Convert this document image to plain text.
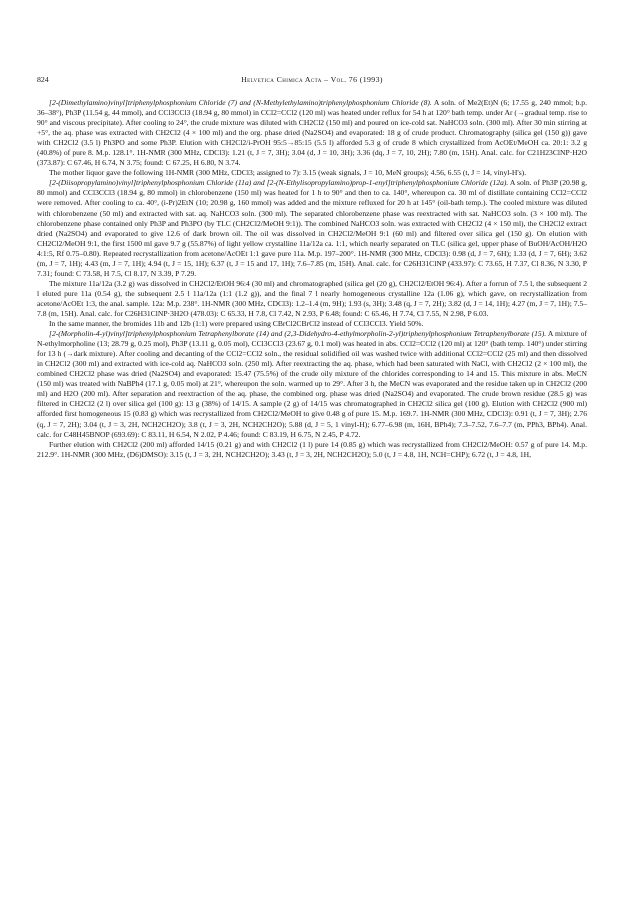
824	Helvetica Chimica Acta – Vol. 76 (1993)

[2-(Dimethylamino)vinyl]triphenylphosphonium Chloride (7) and (N-Methylethylamino)triphenylphosphonium Chloride (8). A soln. of Me2(Et)N (6; 17.55 g, 240 mmol; b.p. 36–38°), Ph3P (11.54 g, 44 mmol), and CCl3CCl3 (18.94 g, 80 mmol) in CCl2=CCl2 (120 ml) was heated under reflux for 54 h at 120° bath temp. under Ar (→gradual temp. rise to 90° and viscous precipitate). After cooling to 24°, the crude mixture was diluted with CH2Cl2 (150 ml) and poured on ice-cold sat. NaHCO3 soln. (300 ml). After 30 min stirring at +5°, the aq. phase was extracted with CH2Cl2 (4 × 100 ml) and the org. phase dried (Na2SO4) and evaporated: 18 g of crude product. Chromatography (silica gel (150 g)) gave with CH2Cl2 (3.5 l) Ph3PO and some Ph3P. Elution with CH2Cl2/i-PrOH 95:5→85:15 (5.5 l) afforded 5.3 g of crude 8 which crystallized from AcOEt/MeOH ca. 20:1: 3.2 g (40.8%) of pure 8. M.p. 128.1°. 1H-NMR (300 MHz, CDCl3): 1.21 (t, J = 7, 3H); 3.04 (d, J = 10, 3H); 3.36 (dq, J = 7, 10, 2H); 7.80 (m, 15H). Anal. calc. for C21H23ClNP·H2O (373.87): C 67.46, H 6.74, N 3.75; found: C 67.25, H 6.80, N 3.74.

The mother liquor gave the following 1H-NMR (300 MHz, CDCl3; assigned to 7): 3.15 (weak signals, J = 10, MeN groups); 4.56, 6.55 (t, J = 14, vinyl-H's).

[2-(Diisopropylamino)vinyl]triphenylphosphonium Chloride (11a) and [2-(N-Ethylisopropylamino)prop-1-enyl]triphenylphosphonium Chloride (12a). A soln. of Ph3P (20.98 g, 80 mmol) and CCl3CCl3 (18.94 g, 80 mmol) in chlorobenzene (150 ml) was heated for 1 h to 90° and then to ca. 140°, whereupon ca. 30 ml of distillate containing CCl2=CCl2 were removed. After cooling to ca. 40°, (i-Pr)2EtN (10; 20.98 g, 160 mmol) was added and the mixture refluxed for 20 h at 145° (oil-bath temp.). The cooled mixture was diluted with chlorobenzene (50 ml) and extracted with sat. aq. NaHCO3 soln. (300 ml). The separated chlorobenzene phase was reextracted with sat. NaHCO3 soln. (3 × 100 ml). The chlorobenzene phase contained only Ph3P and Ph3PO (by TLC (CH2Cl2/MeOH 9:1)). The combined NaHCO3 soln. was extracted with CH2Cl2 (4 × 150 ml), the CH2Cl2 extract dried (Na2SO4) and evaporated to give 12.6 of dark brown oil. The oil was dissolved in CH2Cl2/MeOH 9:1 (60 ml) and filtered over silica gel (150 g). On elution with CH2Cl2/MeOH 9:1, the first 1500 ml gave 9.7 g (55.87%) of light yellow crystalline 11a/12a ca. 1:1, which nearly separated on TLC (silica gel, upper phase of BuOH/AcOH/H2O 4:1:5, Rf 0.75–0.80). Repeated recrystallization from acetone/AcOEt 1:1 gave pure 11a. M.p. 197–200°. 1H-NMR (300 MHz, CDCl3): 0.98 (d, J = 7, 6H); 1.33 (d, J = 7, 6H); 3.62 (m, J = 7, 1H); 4.43 (m, J = 7, 1H); 4.94 (t, J = 15, 1H); 6.37 (t, J = 15 and 17, 1H); 7.6–7.85 (m, 15H). Anal. calc. for C26H31ClNP (433.97): C 73.65, H 7.37, Cl 8.36, N 3.30, P 7.31; found: C 73.58, H 7.5, Cl 8.17, N 3.39, P 7.29.

The mixture 11a/12a (3.2 g) was dissolved in CH2Cl2/EtOH 96:4 (30 ml) and chromatographed (silica gel (20 g), CH2Cl2/EtOH 96:4). After a forrun of 7.5 l, the subsequent 2 l eluted pure 11a (0.54 g), the subsequent 2.5 l 11a/12a (1:1 (1.2 g)), and the final 7 l nearly homogeneous crystalline 12a (1.06 g), which gave, on recrystallization from acetone/AcOEt 1:3, the anal. sample. 12a: M.p. 238°. 1H-NMR (300 MHz, CDCl3): 1.2–1.4 (m, 9H); 1.93 (s, 3H); 3.48 (q, J = 7, 2H); 3.82 (d, J = 14, 1H); 4.27 (m, J = 7, 1H); 7.5–7.8 (m, 15H). Anal. calc. for C26H31ClNP·3H2O (478.03): C 65.33, H 7.8, Cl 7.42, N 2.93, P 6.48; found: C 65.46, H 7.74, Cl 7.55, N 2.98, P 6.03.

In the same manner, the bromides 11b and 12b (1:1) were prepared using CBrCl2CBrCl2 instead of CCl3CCl3. Yield 50%.

[2-(Morpholin-4-yl)vinyl]triphenylphosphonium Tetraphenylborate (14) and (2,3-Didehydro-4-ethylmorpholin-2-yl)triphenylphosphonium Tetraphenylborate (15). A mixture of N-ethylmorpholine (13; 28.79 g, 0.25 mol), Ph3P (13.11 g, 0.05 mol), CCl3CCl3 (23.67 g, 0.1 mol) was heated in abs. CCl2=CCl2 (120 ml) at 120° (bath temp. 140°) under stirring for 13 h (→dark mixture). After cooling and decanting of the CCl2=CCl2 soln., the residual solidified oil was washed twice with additional CCl2=CCl2 (25 ml) and then dissolved in CH2Cl2 (300 ml) and extracted with ice-cold aq. NaHCO3 soln. (250 ml). After reextracting the aq. phase, which had been saturated with NaCl, with CH2Cl2 (2 × 100 ml), the combined CH2Cl2 phase was dried (Na2SO4) and evaporated: 15.47 (75.5%) of the crude oily mixture of the chlorides corresponding to 14 and 15. This mixture in abs. MeCN (150 ml) was treated with NaBPh4 (17.1 g, 0.05 mol) at 21°, whereupon the soln. warmed up to 29°. After 3 h, the MeCN was evaporated and the residue taken up in CH2Cl2 (200 ml) and H2O (200 ml). After separation and reextraction of the aq. phase, the combined org. phase was dried (Na2SO4) and evaporated. The crude brown residue (28.5 g) was filtered in CH2Cl2 (2 l) over silica gel (100 g): 13 g (38%) of 14/15. A sample (2 g) of 14/15 was chromatographed in CH2Cl2 silica gel (100 g). Elution with CH2Cl2 (900 ml) afforded first homogeneous 15 (0.83 g) which was recrystallized from CH2Cl2/MeOH to give 0.48 g of pure 15. M.p. 169.7. 1H-NMR (300 MHz, CDCl3): 0.91 (t, J = 7, 3H); 2.76 (q, J = 7, 2H); 3.04 (t, J = 3, 2H, NCH2CH2O); 3.8 (t, J = 3, 2H, NCH2CH2O); 5.88 (d, J = 5, 1 vinyl-H); 6.77–6.98 (m, 16H, BPh4); 7.3–7.52, 7.6–7.7 (m, PPh3, BPh4). Anal. calc. for C48H45BNOP (693.69): C 83.11, H 6.54, N 2.02, P 4.46; found: C 83.19, H 6.75, N 2.45, P 4.72.

Further elution with CH2Cl2 (200 ml) afforded 14/15 (0.21 g) and with CH2Cl2 (1 l) pure 14 (0.85 g) which was recrystallized from CH2Cl2/MeOH: 0.57 g of pure 14. M.p. 212.9°. 1H-NMR (300 MHz, (D6)DMSO): 3.15 (t, J = 3, 2H, NCH2CH2O); 3.43 (t, J = 3, 2H, NCH2CH2O); 5.0 (t, J = 4.8, 1H, NCH=CHP); 6.72 (t, J = 4.8, 1H,
